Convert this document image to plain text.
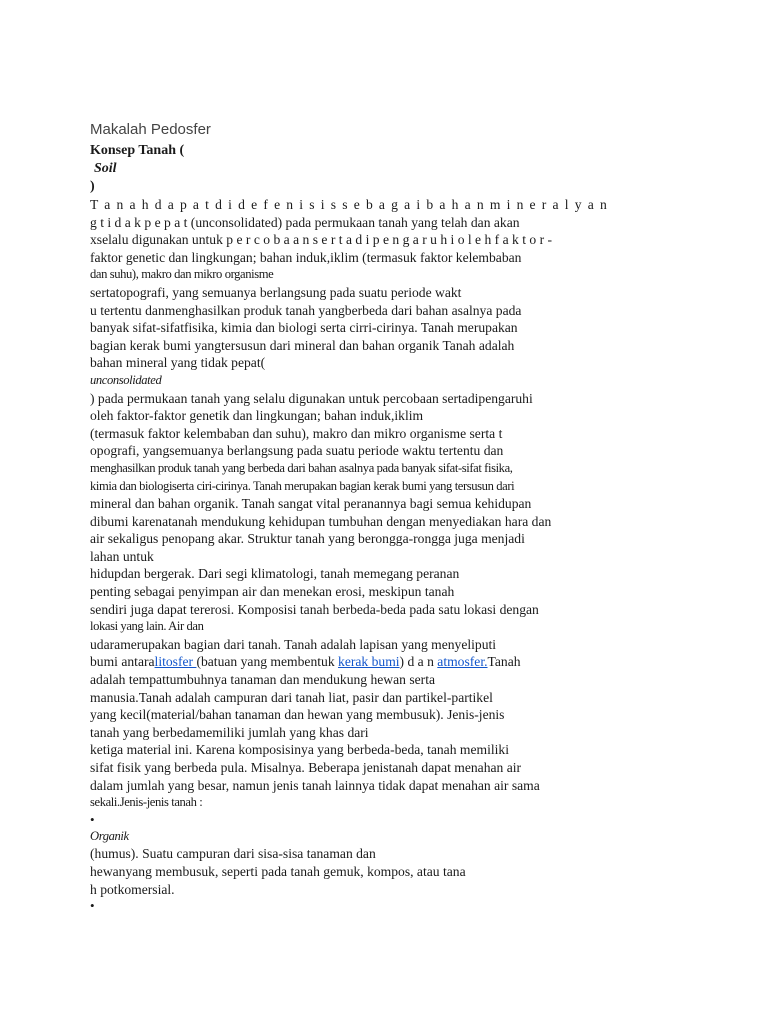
Makalah Pedosfer

Konsep Tanah (

Soil

)

T a n a h d a p a t d i d e f e n i s i s s e b a g a i b a h a n m i n e r a l y a n

g t i d a k p e p a t (unconsolidated) pada permukaan tanah yang telah dan akan

xselalu digunakan untuk p e r c o b a a n s e r t a d i p e n g a r u h i o l e h f a k t o r -

faktor genetic dan lingkungan; bahan induk,iklim (termasuk faktor kelembaban

dan suhu), makro dan mikro organisme

sertatopografi, yang semuanya berlangsung pada suatu periode wakt

u tertentu danmenghasilkan produk tanah yangberbeda dari bahan asalnya pada

banyak sifat-sifatfisika, kimia dan biologi serta cirri-cirinya. Tanah merupakan

bagian kerak bumi yangtersusun dari mineral dan bahan organik Tanah adalah

bahan mineral yang tidak pepat(

unconsolidated

) pada permukaan tanah yang selalu digunakan untuk percobaan sertadipengaruhi

oleh faktor-faktor genetik dan lingkungan; bahan induk,iklim

(termasuk faktor kelembaban dan suhu), makro dan mikro organisme serta t

opografi, yangsemuanya berlangsung pada suatu periode waktu tertentu dan

menghasilkan produk tanah yang berbeda dari bahan asalnya pada banyak sifat-sifat fisika,

kimia dan biologiserta ciri-cirinya. Tanah merupakan bagian kerak bumi yang tersusun dari

mineral dan bahan organik. Tanah sangat vital peranannya bagi semua kehidupan

dibumi karenatanah mendukung kehidupan tumbuhan dengan menyediakan hara dan

air sekaligus penopang akar. Struktur tanah yang berongga-rongga juga menjadi

lahan untuk

hidupdan bergerak. Dari segi klimatologi, tanah memegang peranan

penting sebagai penyimpan air dan menekan erosi, meskipun tanah

sendiri juga dapat tererosi. Komposisi tanah berbeda-beda pada satu lokasi dengan

lokasi yang lain. Air dan

udaramerupakan bagian dari tanah. Tanah adalah lapisan yang menyeliputi

bumi antaralitosfer (batuan yang membentuk kerak bumi) d a n atmosfer.Tanah

adalah tempattumbuhnya tanaman dan mendukung hewan serta

manusia.Tanah adalah campuran dari tanah liat, pasir dan partikel-partikel

yang kecil(material/bahan tanaman dan hewan yang membusuk). Jenis-jenis

tanah yang berbedamemiliki jumlah yang khas dari

ketiga material ini. Karena komposisinya yang berbeda-beda, tanah memiliki

sifat fisik yang berbeda pula. Misalnya. Beberapa jenistanah dapat menahan air

dalam jumlah yang besar, namun jenis tanah lainnya tidak dapat menahan air sama

sekali.Jenis-jenis tanah :

•

Organik

(humus). Suatu campuran dari sisa-sisa tanaman dan

hewanyang membusuk, seperti pada tanah gemuk, kompos, atau tana

h potkomersial.

•
